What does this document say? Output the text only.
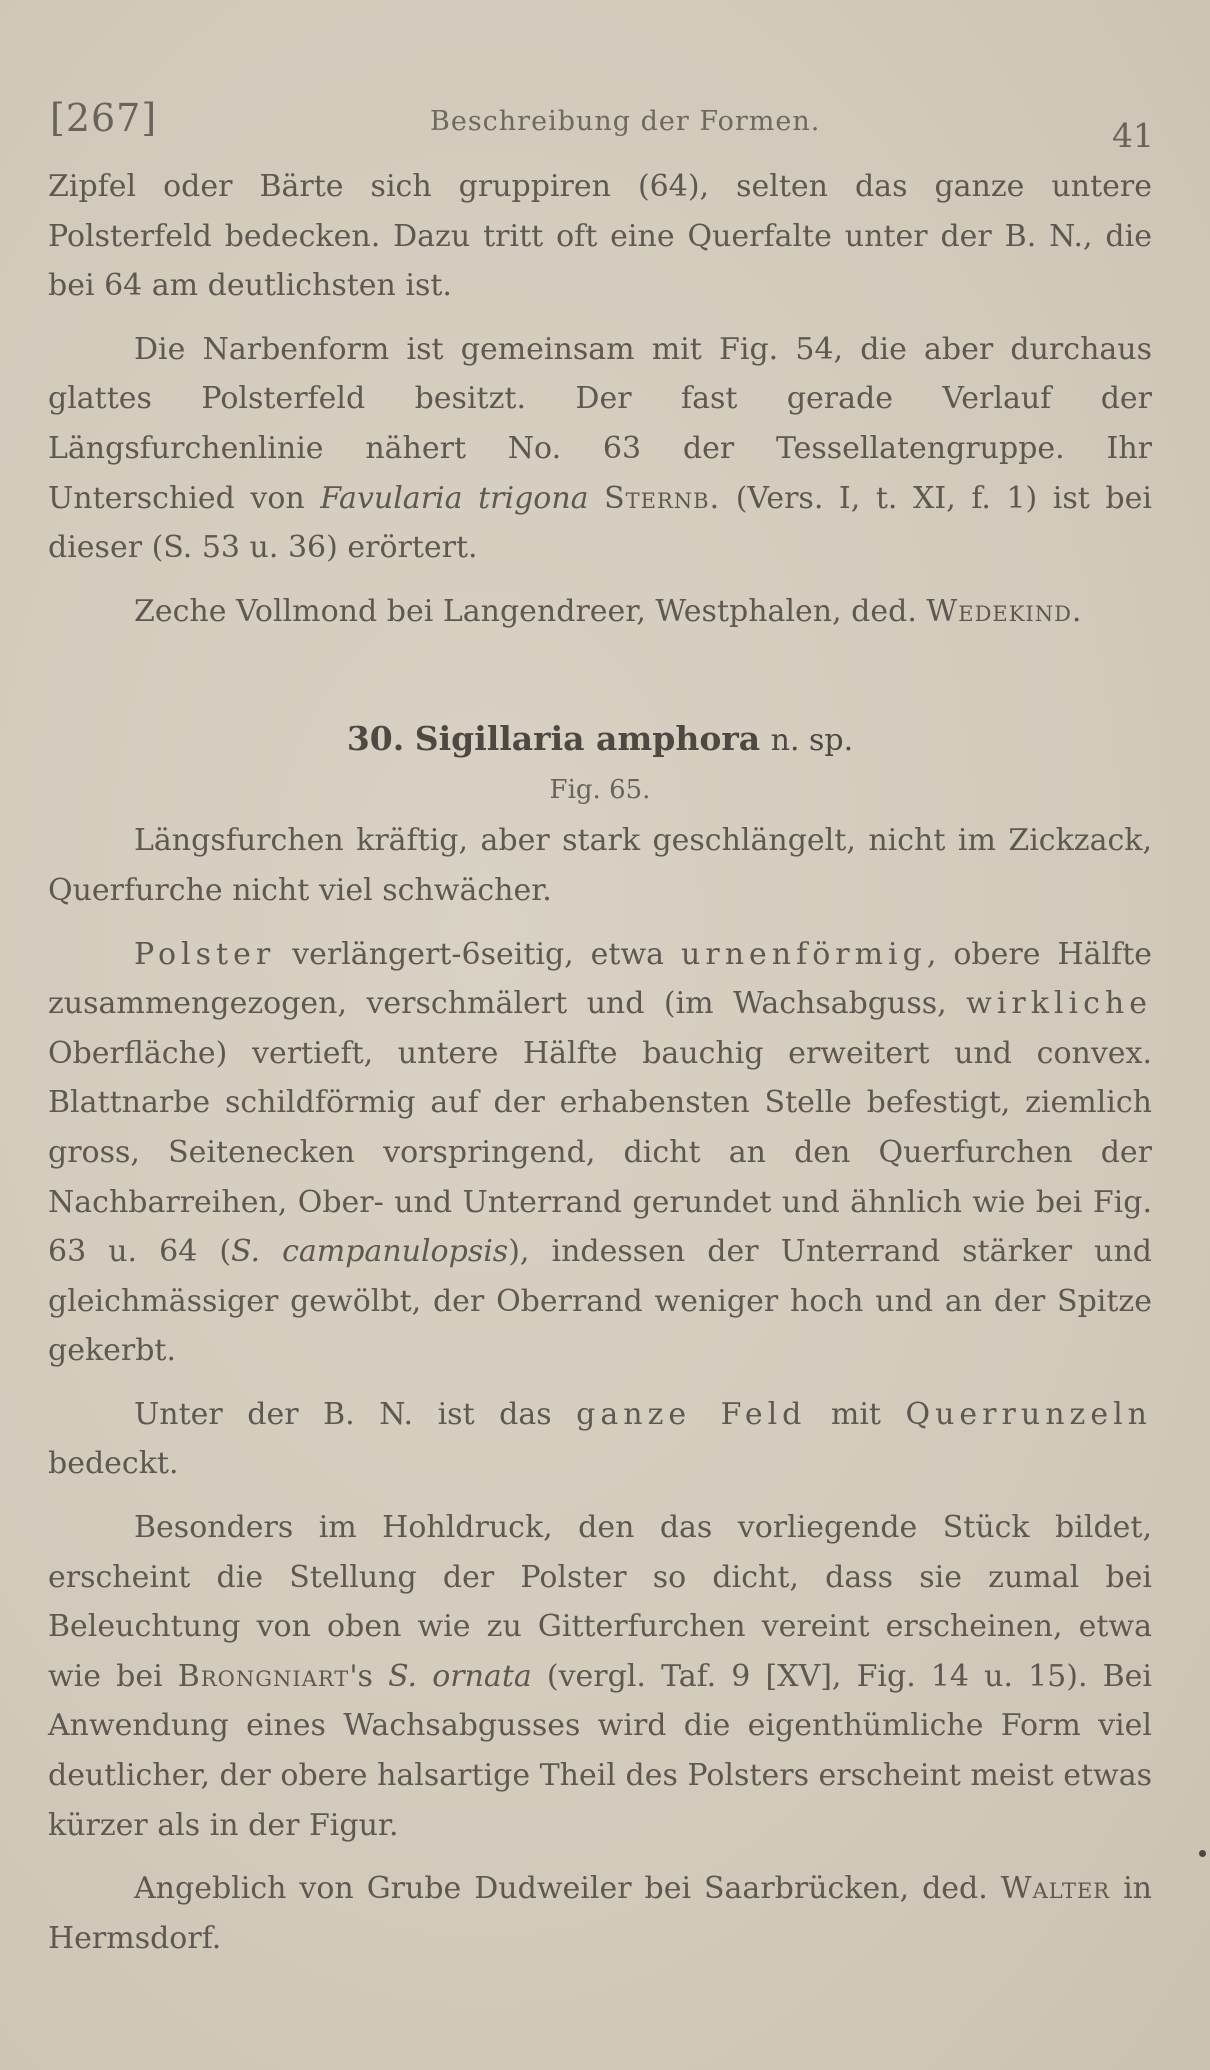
[267]	Beschreibung der Formen.	41

Zipfel oder Bärte sich gruppiren (64), selten das ganze untere Polsterfeld bedecken. Dazu tritt oft eine Querfalte unter der B. N., die bei 64 am deutlichsten ist.

Die Narbenform ist gemeinsam mit Fig. 54, die aber durchaus glattes Polsterfeld besitzt. Der fast gerade Verlauf der Längsfurchenlinie nähert No. 63 der Tessellatengruppe. Ihr Unterschied von Favularia trigona Sternb. (Vers. I, t. XI, f. 1) ist bei dieser (S. 53 u. 36) erörtert.

Zeche Vollmond bei Langendreer, Westphalen, ded. Wedekind.

30. Sigillaria amphora n. sp.
Fig. 65.

Längsfurchen kräftig, aber stark geschlängelt, nicht im Zickzack, Querfurche nicht viel schwächer.

Polster verlängert-6seitig, etwa urnenförmig, obere Hälfte zusammengezogen, verschmälert und (im Wachsabguss, wirkliche Oberfläche) vertieft, untere Hälfte bauchig erweitert und convex. Blattnarbe schildförmig auf der erhabensten Stelle befestigt, ziemlich gross, Seitenecken vorspringend, dicht an den Querfurchen der Nachbarreihen, Ober- und Unterrand gerundet und ähnlich wie bei Fig. 63 u. 64 (S. campanulopsis), indessen der Unterrand stärker und gleichmässiger gewölbt, der Oberrand weniger hoch und an der Spitze gekerbt.

Unter der B. N. ist das ganze Feld mit Querrunzeln bedeckt.

Besonders im Hohldruck, den das vorliegende Stück bildet, erscheint die Stellung der Polster so dicht, dass sie zumal bei Beleuchtung von oben wie zu Gitterfurchen vereint erscheinen, etwa wie bei Brongniart's S. ornata (vergl. Taf. 9 [XV], Fig. 14 u. 15). Bei Anwendung eines Wachsabgusses wird die eigenthümliche Form viel deutlicher, der obere halsartige Theil des Polsters erscheint meist etwas kürzer als in der Figur.

Angeblich von Grube Dudweiler bei Saarbrücken, ded. Walter in Hermsdorf.
